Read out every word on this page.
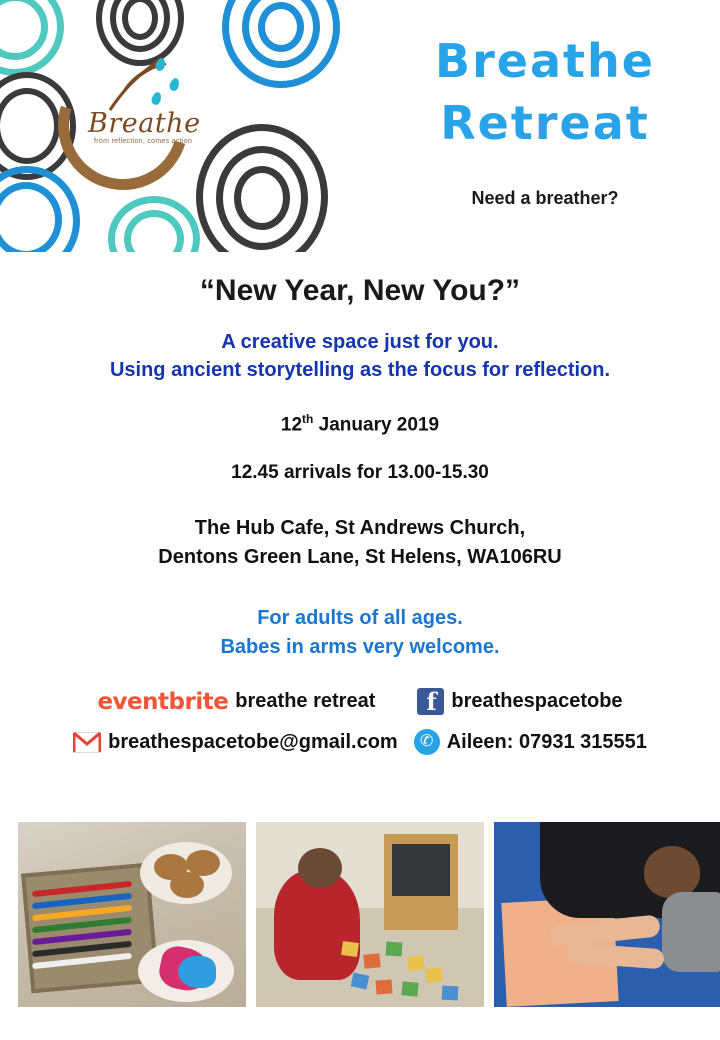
Breathe
from reflection, comes action
Breathe
Retreat
Need a breather?
“New Year, New You?”
A creative space just for you.
Using ancient storytelling as the focus for reflection.
12th January 2019
12.45 arrivals for 13.00-15.30
The Hub Cafe, St Andrews Church,
Dentons Green Lane, St Helens, WA106RU
For adults of all ages.
Babes in arms very welcome.
eventbrite breathe retreat f	breathespacetobe
breathespacetobe@gmail.com ✆ Aileen: 07931 315551
